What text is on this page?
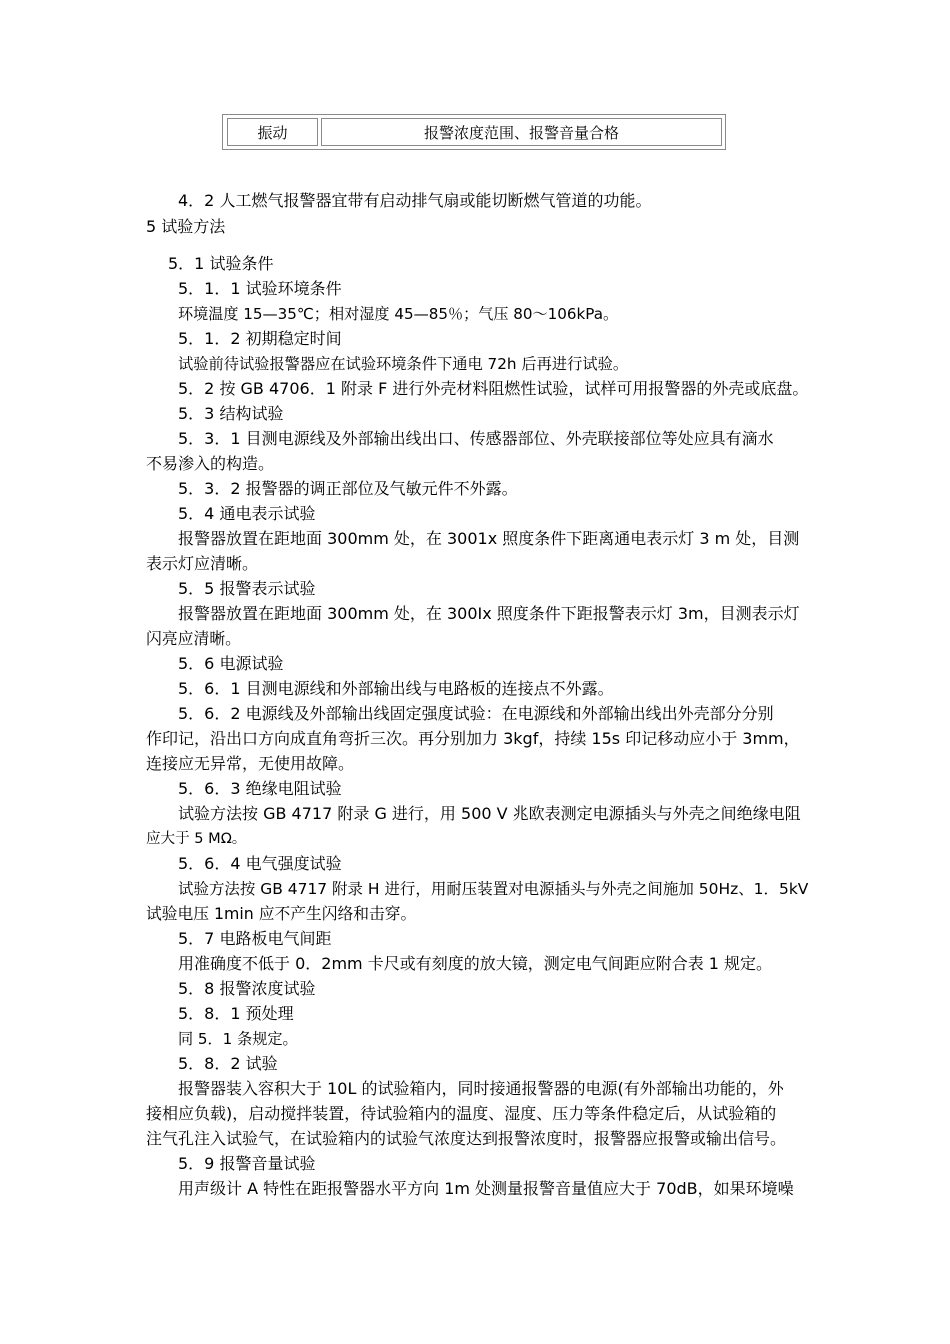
振动	报警浓度范围、报警音量合格

4．2 人工燃气报警器宜带有启动排气扇或能切断燃气管道的功能。

5 试验方法

5．1 试验条件

5．1．1 试验环境条件

环境温度 15—35℃；相对湿度 45—85％；气压 80～106kPa。

5．1．2 初期稳定时间

试验前待试验报警器应在试验环境条件下通电 72h 后再进行试验。

5．2 按 GB 4706．1 附录 F 进行外壳材料阻燃性试验，试样可用报警器的外壳或底盘。

5．3 结构试验

5．3．1 目测电源线及外部输出线出口、传感器部位、外壳联接部位等处应具有滴水

不易渗入的构造。

5．3．2 报警器的调正部位及气敏元件不外露。

5．4 通电表示试验

报警器放置在距地面 300mm 处，在 3001x 照度条件下距离通电表示灯 3 m 处，目测

表示灯应清晰。

5．5 报警表示试验

报警器放置在距地面 300mm 处，在 300Ix 照度条件下距报警表示灯 3m，目测表示灯

闪亮应清晰。

5．6 电源试验

5．6．1 目测电源线和外部输出线与电路板的连接点不外露。

5．6．2 电源线及外部输出线固定强度试验：在电源线和外部输出线出外壳部分分别

作印记，沿出口方向成直角弯折三次。再分别加力 3kgf，持续 15s 印记移动应小于 3mm，

连接应无异常，无使用故障。

5．6．3 绝缘电阻试验

试验方法按 GB 4717 附录 G 进行，用 500 V 兆欧表测定电源插头与外壳之间绝缘电阻

应大于 5 MΩ。

5．6．4 电气强度试验

试验方法按 GB 4717 附录 H 进行，用耐压装置对电源插头与外壳之间施加 50Hz、1．5kV

试验电压 1min 应不产生闪络和击穿。

5．7 电路板电气间距

用准确度不低于 0．2mm 卡尺或有刻度的放大镜，测定电气间距应附合表 1 规定。

5．8 报警浓度试验

5．8．1 预处理

同 5．1 条规定。

5．8．2 试验

报警器装入容积大于 10L 的试验箱内，同时接通报警器的电源(有外部输出功能的，外

接相应负载)，启动搅拌装置，待试验箱内的温度、湿度、压力等条件稳定后，从试验箱的

注气孔注入试验气，在试验箱内的试验气浓度达到报警浓度时，报警器应报警或输出信号。

5．9 报警音量试验

用声级计 A 特性在距报警器水平方向 1m 处测量报警音量值应大于 70dB，如果环境噪
